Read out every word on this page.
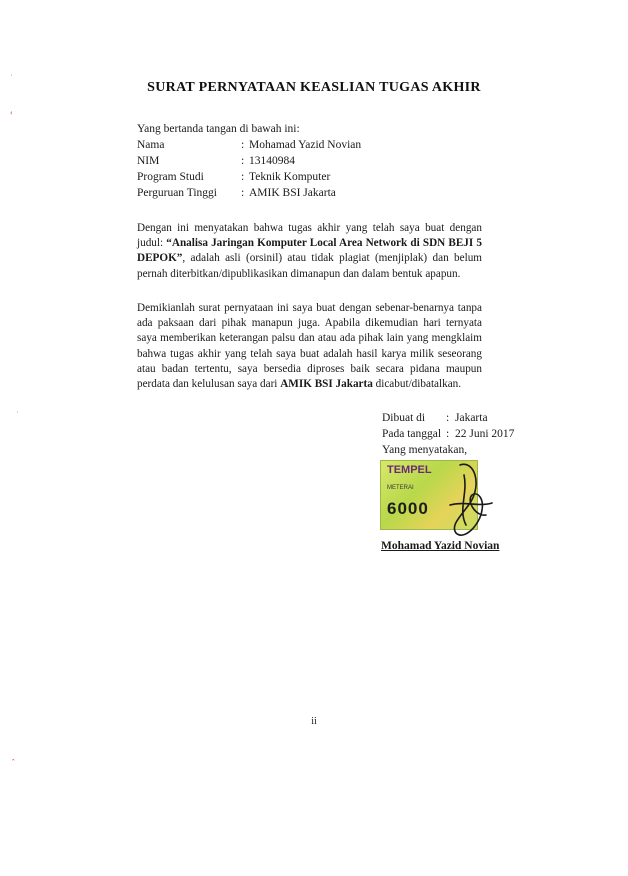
SURAT PERNYATAAN KEASLIAN TUGAS AKHIR
Yang bertanda tangan di bawah ini:
Nama	: Mohamad Yazid Novian
NIM	: 13140984
Program Studi	: Teknik Komputer
Perguruan Tinggi	: AMIK BSI Jakarta
Dengan ini menyatakan bahwa tugas akhir yang telah saya buat dengan judul: “Analisa Jaringan Komputer Local Area Network di SDN BEJI 5 DEPOK”, adalah asli (orsinil) atau tidak plagiat (menjiplak) dan belum pernah diterbitkan/dipublikasikan dimanapun dan dalam bentuk apapun.
Demikianlah surat pernyataan ini saya buat dengan sebenar-benarnya tanpa ada paksaan dari pihak manapun juga. Apabila dikemudian hari ternyata saya memberikan keterangan palsu dan atau ada pihak lain yang mengklaim bahwa tugas akhir yang telah saya buat adalah hasil karya milik seseorang atau badan tertentu, saya bersedia diproses baik secara pidana maupun perdata dan kelulusan saya dari AMIK BSI Jakarta dicabut/dibatalkan.
Dibuat di	: Jakarta
Pada tanggal : 22 Juni 2017
Yang menyatakan,
TEMPEL
METERAI
6000
Mohamad Yazid Novian
ii
˙
‹
˙
ˆ
